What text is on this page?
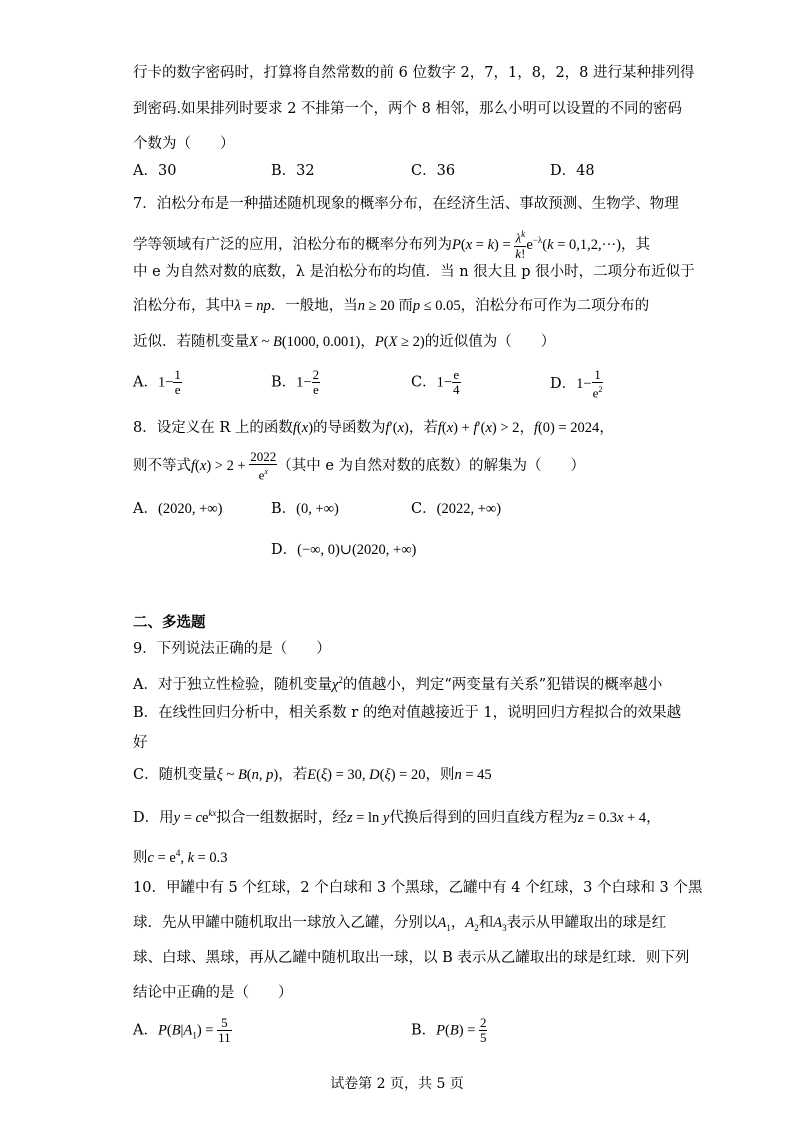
行卡的数字密码时，打算将自然常数的前 6 位数字 2，7，1，8，2，8 进行某种排列得
到密码.如果排列时要求 2 不排第一个，两个 8 相邻，那么小明可以设置的不同的密码
个数为（　　）
A．30	B．32	C．36	D．48
7．泊松分布是一种描述随机现象的概率分布，在经济生活、事故预测、生物学、物理
学等领域有广泛的应用，泊松分布的概率分布列为$P(x = k) = \frac{\lambda^k}{k!} e^{-\lambda}(k = 0,1,2,\cdot\cdot\cdot)$，其
中 e 为自然对数的底数，λ 是泊松分布的均值．当 n 很大且 p 很小时，二项分布近似于
泊松分布，其中λ = np．一般地，当n ≥ 20 而p ≤ 0.05，泊松分布可作为二项分布的
近似．若随机变量X ~ B(1000, 0.001)，P(X ≥ 2)的近似值为（　　）
A．$1- \frac{1}{e}$	B．$1- \frac{2}{e}$	C．$1- \frac{e}{4}$	D．$1- \frac{1}{e^2}$
8．设定义在 R 上的函数f(x)的导函数为f′(x)，若f(x) + f′(x) > 2，f(0) = 2024，
则不等式$f(x) > 2 + \frac{2022}{e^x}$ （其中 e 为自然对数的底数）的解集为（　　）
A．(2020, +∞)	B．(0, +∞)	C．(2022, +∞)
D．(−∞, 0)∪(2020, +∞)
二、多选题
9．下列说法正确的是（　　）
A．对于独立性检验，随机变量$\chi^2$的值越小，判定“两变量有关系”犯错误的概率越小
B．在线性回归分析中，相关系数 r 的绝对值越接近于 1，说明回归方程拟合的效果越
好
C．随机变量ξ ~ B(n, p)，若E(ξ) = 30, D(ξ) = 20，则n = 45
D．用$y = ce^{kx}$拟合一组数据时，经z = ln y代换后得到的回归直线方程为z = 0.3x + 4，
则$c = e^4$, k = 0.3
10．甲罐中有 5 个红球，2 个白球和 3 个黑球，乙罐中有 4 个红球，3 个白球和 3 个黑
球．先从甲罐中随机取出一球放入乙罐，分别以$A_1$，$A_2$和$A_3$表示从甲罐取出的球是红
球、白球、黑球，再从乙罐中随机取出一球，以 B 表示从乙罐取出的球是红球．则下列
结论中正确的是（　　）
A．$P(B|A_1) = \frac{5}{11}$	B．$P(B) = \frac{2}{5}$
试卷第 2 页，共 5 页
